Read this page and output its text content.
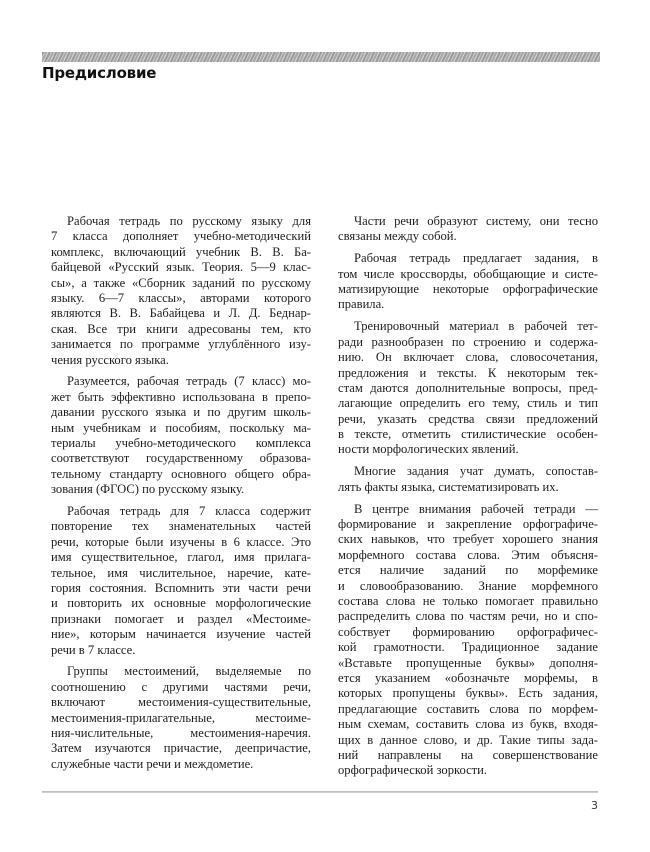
Предисловие
Рабочая тетрадь по русскому языку для
7 класса дополняет учебно-методический
комплекс, включающий учебник В. В. Ба-
байцевой «Русский язык. Теория. 5—9 клас-
сы», а также «Сборник заданий по русскому
языку. 6—7 классы», авторами которого
являются В. В. Бабайцева и Л. Д. Беднар-
ская. Все три книги адресованы тем, кто
занимается по программе углублённого изу-
чения русского языка.
Разумеется, рабочая тетрадь (7 класс) мо-
жет быть эффективно использована в препо-
давании русского языка и по другим школь-
ным учебникам и пособиям, поскольку ма-
териалы учебно-методического комплекса
соответствуют государственному образова-
тельному стандарту основного общего обра-
зования (ФГОС) по русскому языку.
Рабочая тетрадь для 7 класса содержит
повторение тех знаменательных частей
речи, которые были изучены в 6 классе. Это
имя существительное, глагол, имя прилага-
тельное, имя числительное, наречие, кате-
гория состояния. Вспомнить эти части речи
и повторить их основные морфологические
признаки помогает и раздел «Местоиме-
ние», которым начинается изучение частей
речи в 7 классе.
Группы местоимений, выделяемые по
соотношению с другими частями речи,
включают местоимения-существительные,
местоимения-прилагательные, местоиме-
ния-числительные, местоимения-наречия.
Затем изучаются причастие, деепричастие,
служебные части речи и междометие.
Части речи образуют систему, они тесно
связаны между собой.
Рабочая тетрадь предлагает задания, в
том числе кроссворды, обобщающие и систе-
матизирующие некоторые орфографические
правила.
Тренировочный материал в рабочей тет-
ради разнообразен по строению и содержа-
нию. Он включает слова, словосочетания,
предложения и тексты. К некоторым тек-
стам даются дополнительные вопросы, пред-
лагающие определить его тему, стиль и тип
речи, указать средства связи предложений
в тексте, отметить стилистические особен-
ности морфологических явлений.
Многие задания учат думать, сопостав-
лять факты языка, систематизировать их.
В центре внимания рабочей тетради —
формирование и закрепление орфографиче-
ских навыков, что требует хорошего знания
морфемного состава слова. Этим объясня-
ется наличие заданий по морфемике
и словообразованию. Знание морфемного
состава слова не только помогает правильно
распределить слова по частям речи, но и спо-
собствует формированию орфографичес-
кой грамотности. Традиционное задание
«Вставьте пропущенные буквы» дополня-
ется указанием «обозначьте морфемы, в
которых пропущены буквы». Есть задания,
предлагающие составить слова по морфем-
ным схемам, составить слова из букв, входя-
щих в данное слово, и др. Такие типы зада-
ний направлены на совершенствование
орфографической зоркости.
3
